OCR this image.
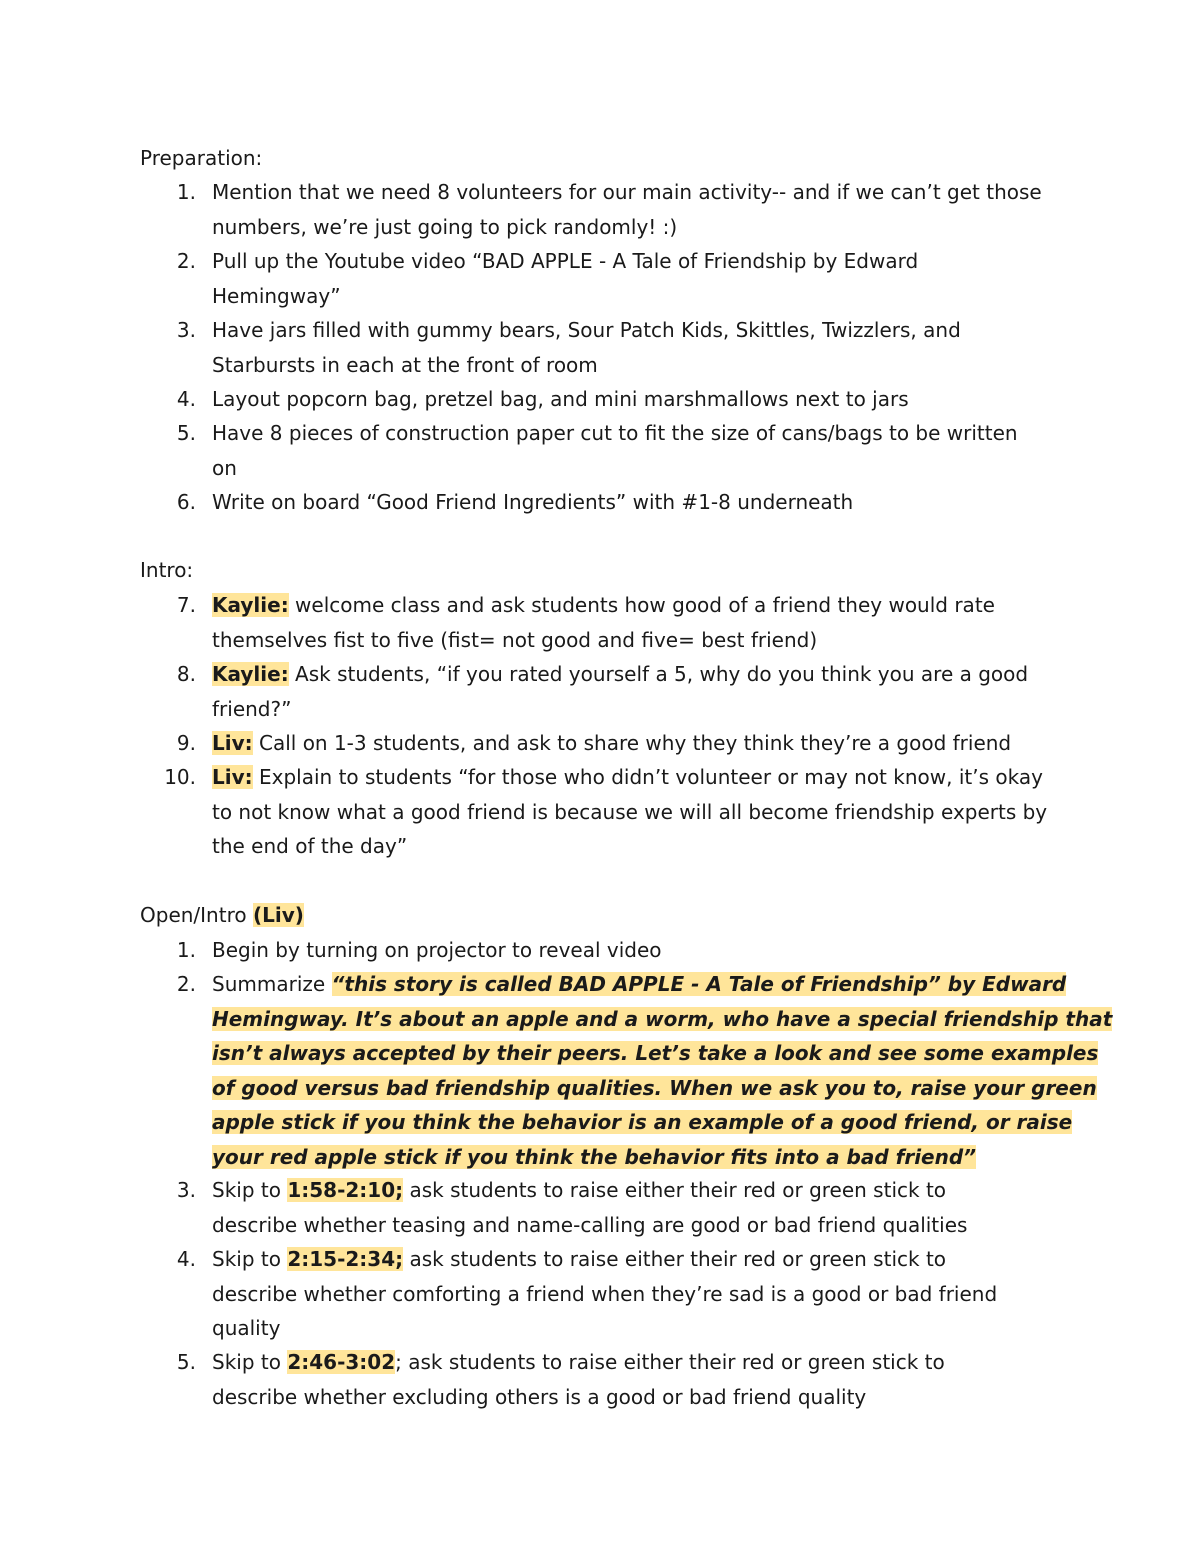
Preparation:
1. Mention that we need 8 volunteers for our main activity-- and if we can’t get those
numbers, we’re just going to pick randomly! :)
2. Pull up the Youtube video “BAD APPLE - A Tale of Friendship by Edward
Hemingway”
3. Have jars filled with gummy bears, Sour Patch Kids, Skittles, Twizzlers, and
Starbursts in each at the front of room
4. Layout popcorn bag, pretzel bag, and mini marshmallows next to jars
5. Have 8 pieces of construction paper cut to fit the size of cans/bags to be written
on
6. Write on board “Good Friend Ingredients” with #1-8 underneath
Intro:
7. Kaylie: welcome class and ask students how good of a friend they would rate
themselves fist to five (fist= not good and five= best friend)
8. Kaylie: Ask students, “if you rated yourself a 5, why do you think you are a good
friend?”
9. Liv: Call on 1-3 students, and ask to share why they think they’re a good friend
10. Liv: Explain to students “for those who didn’t volunteer or may not know, it’s okay
to not know what a good friend is because we will all become friendship experts by
the end of the day”
Open/Intro (Liv)
1. Begin by turning on projector to reveal video
2. Summarize “this story is called BAD APPLE - A Tale of Friendship” by Edward
Hemingway. It’s about an apple and a worm, who have a special friendship that
isn’t always accepted by their peers. Let’s take a look and see some examples
of good versus bad friendship qualities. When we ask you to, raise your green
apple stick if you think the behavior is an example of a good friend, or raise
your red apple stick if you think the behavior fits into a bad friend”
3. Skip to 1:58-2:10; ask students to raise either their red or green stick to
describe whether teasing and name-calling are good or bad friend qualities
4. Skip to 2:15-2:34; ask students to raise either their red or green stick to
describe whether comforting a friend when they’re sad is a good or bad friend
quality
5. Skip to 2:46-3:02; ask students to raise either their red or green stick to
describe whether excluding others is a good or bad friend quality
